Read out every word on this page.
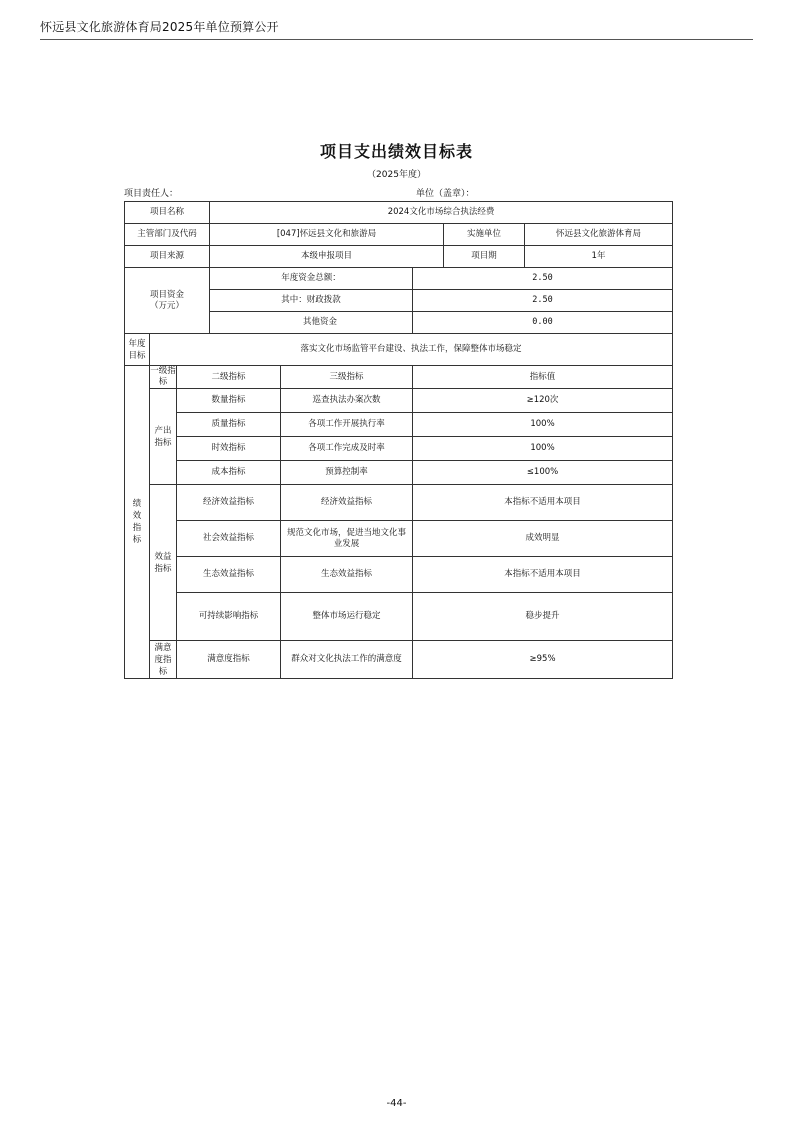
怀远县文化旅游体育局2025年单位预算公开
项目支出绩效目标表
（2025年度）
项目责任人：	单位（盖章）：
项目名称			2024文化市场综合执法经费				
主管部门及代码			[047]怀远县文化和旅游局			实施单位	怀远县文化旅游体育局
项目来源			本级申报项目			项目期	1年

项目资金
（万元）			年度资金总额：		2.50		
			其中：财政拨款		2.50		
			其他资金		0.00		
年度目标	落实文化市场监管平台建设、执法工作，保障整体市场稳定						
绩效指标	一级指标	二级指标		三级指标	指标值		
	产出指标	数量指标		巡查执法办案次数	≥120次		
		质量指标		各项工作开展执行率	100%		
		时效指标		各项工作完成及时率	100%		
		成本指标		预算控制率	≤100%		
	效益指标	经济效益指标		经济效益指标	本指标不适用本项目		
		社会效益指标		规范文化市场，促进当地文化事业发展	成效明显		
		生态效益指标		生态效益指标	本指标不适用本项目		
		可持续影响指标		整体市场运行稳定	稳步提升		
	满意度指标	满意度指标		群众对文化执法工作的满意度	≥95%		
-44-
